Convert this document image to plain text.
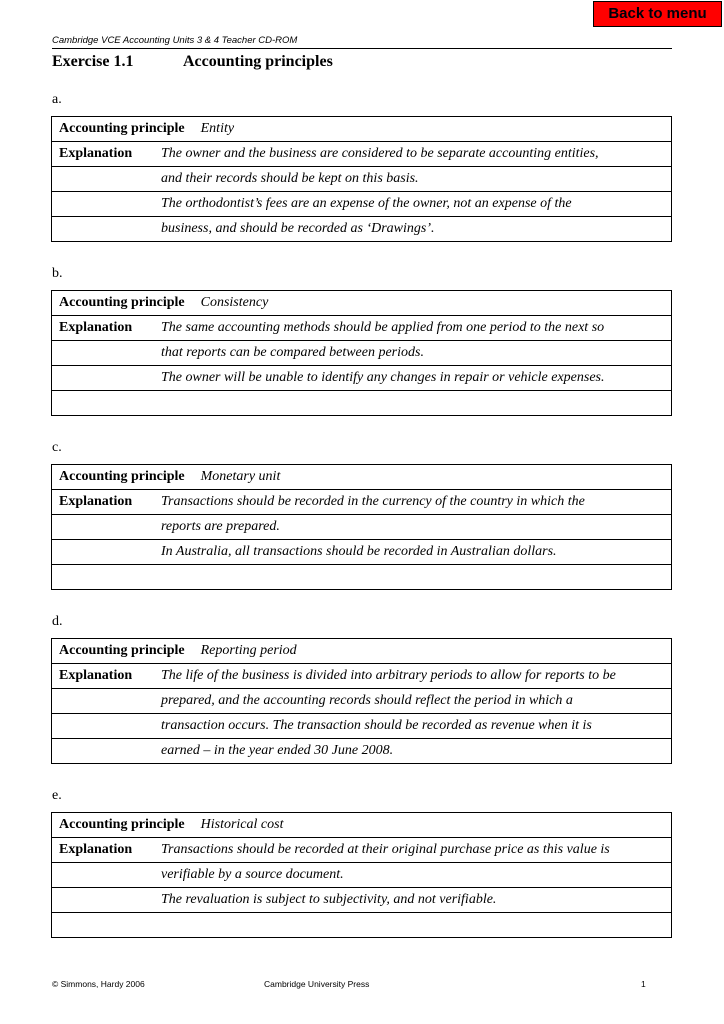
Back to menu
Cambridge VCE Accounting Units 3 & 4 Teacher CD-ROM
Exercise 1.1	Accounting principles
a.
Accounting principle Entity	
Explanation	The owner and the business are considered to be separate accounting entities,
	and their records should be kept on this basis.
	The orthodontist’s fees are an expense of the owner, not an expense of the
	business, and should be recorded as ‘Drawings’.
b.
Accounting principle Consistency	
Explanation	The same accounting methods should be applied from one period to the next so
	that reports can be compared between periods.
	The owner will be unable to identify any changes in repair or vehicle expenses.

c.
Accounting principle Monetary unit	
Explanation	Transactions should be recorded in the currency of the country in which the
	reports are prepared.
	In Australia, all transactions should be recorded in Australian dollars.

d.
Accounting principle Reporting period	
Explanation	The life of the business is divided into arbitrary periods to allow for reports to be
	prepared, and the accounting records should reflect the period in which a
	transaction occurs. The transaction should be recorded as revenue when it is
	earned – in the year ended 30 June 2008.
e.
Accounting principle Historical cost	
Explanation	Transactions should be recorded at their original purchase price as this value is
	verifiable by a source document.
	The revaluation is subject to subjectivity, and not verifiable.

© Simmons, Hardy 2006	Cambridge University Press	1
